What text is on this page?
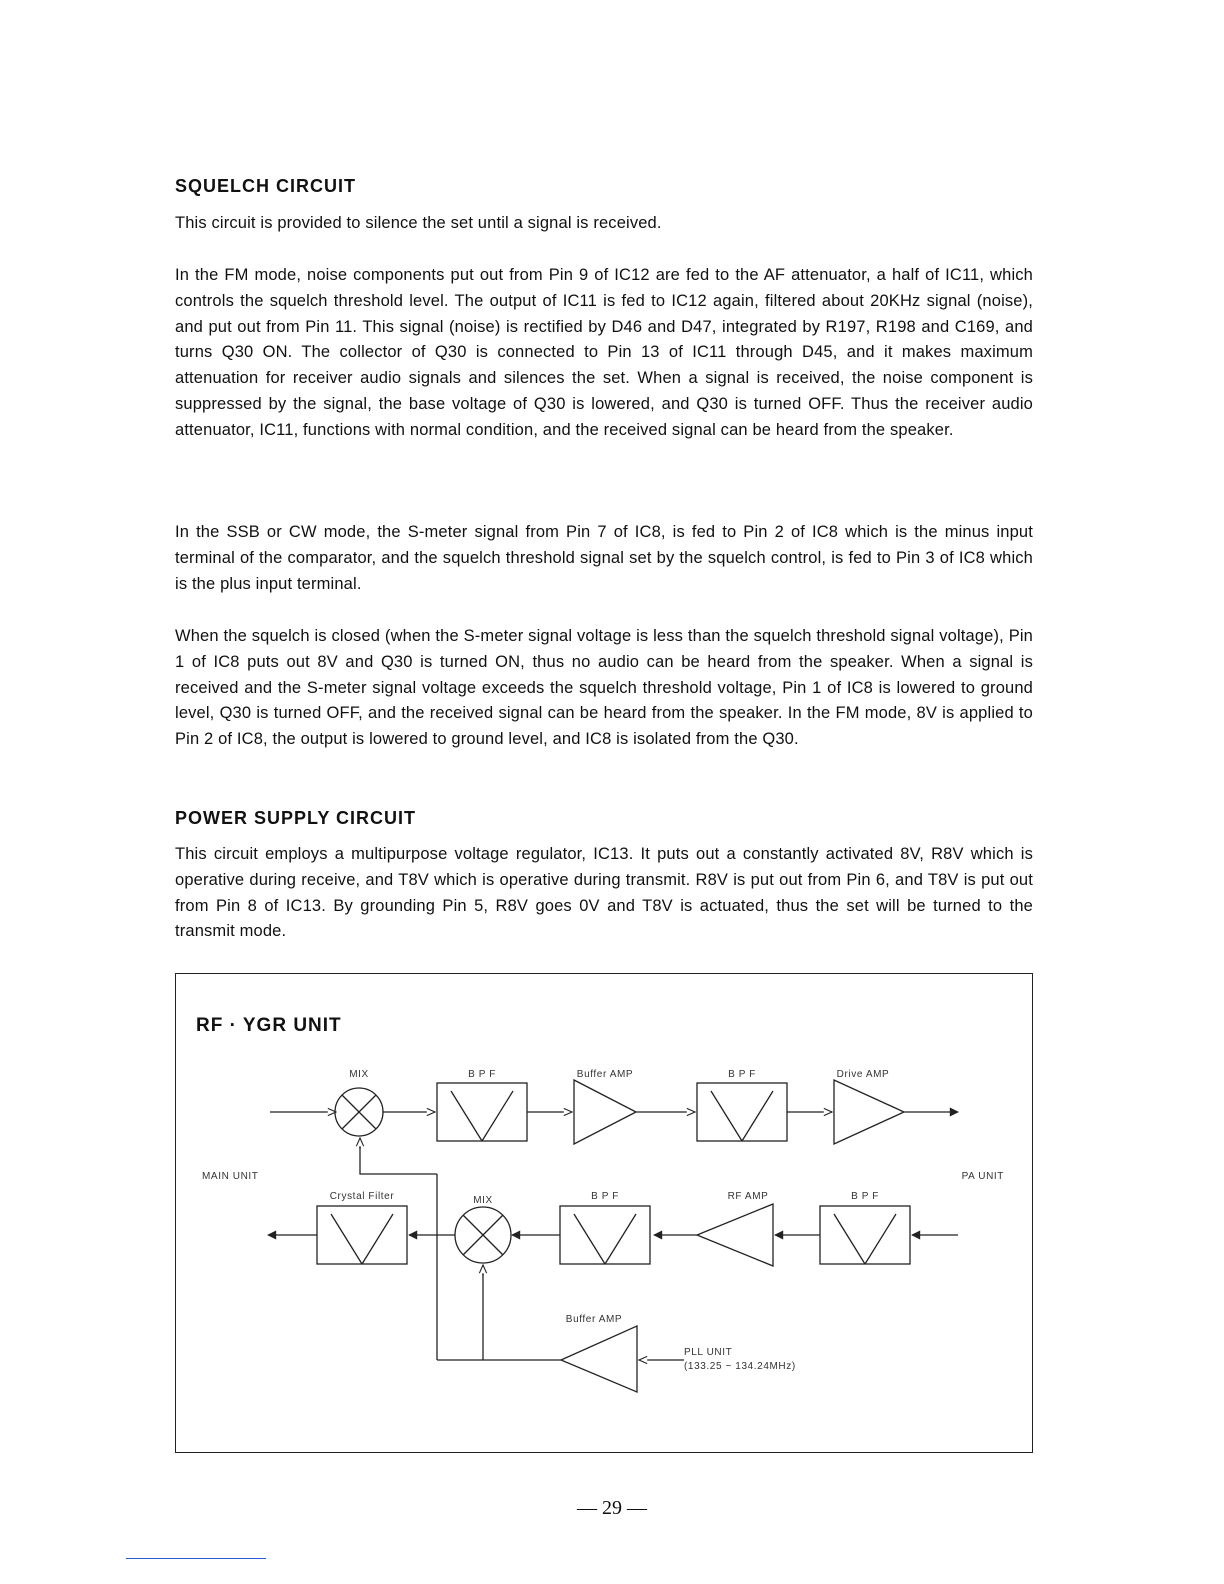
SQUELCH CIRCUIT

This circuit is provided to silence the set until a signal is received.

In the FM mode, noise components put out from Pin 9 of IC12 are fed to the AF attenuator, a half of IC11, which controls the squelch threshold level. The output of IC11 is fed to IC12 again, filtered about 20KHz signal (noise), and put out from Pin 11. This signal (noise) is rectified by D46 and D47, integrated by R197, R198 and C169, and turns Q30 ON. The collector of Q30 is connected to Pin 13 of IC11 through D45, and it makes maximum attenuation for receiver audio signals and silences the set. When a signal is received, the noise component is suppressed by the signal, the base voltage of Q30 is lowered, and Q30 is turned OFF. Thus the receiver audio attenuator, IC11, functions with normal condition, and the received signal can be heard from the speaker.

In the SSB or CW mode, the S-meter signal from Pin 7 of IC8, is fed to Pin 2 of IC8 which is the minus input terminal of the comparator, and the squelch threshold signal set by the squelch control, is fed to Pin 3 of IC8 which is the plus input terminal.

When the squelch is closed (when the S-meter signal voltage is less than the squelch threshold signal voltage), Pin 1 of IC8 puts out 8V and Q30 is turned ON, thus no audio can be heard from the speaker. When a signal is received and the S-meter signal voltage exceeds the squelch threshold voltage, Pin 1 of IC8 is lowered to ground level, Q30 is turned OFF, and the received signal can be heard from the speaker. In the FM mode, 8V is applied to Pin 2 of IC8, the output is lowered to ground level, and IC8 is isolated from the Q30.

POWER SUPPLY CIRCUIT

This circuit employs a multipurpose voltage regulator, IC13. It puts out a constantly activated 8V, R8V which is operative during receive, and T8V which is operative during transmit. R8V is put out from Pin 6, and T8V is put out from Pin 8 of IC13. By grounding Pin 5, R8V goes 0V and T8V is actuated, thus the set will be turned to the transmit mode.

RF · YGR UNIT
MIX	B P F	Buffer AMP	B P F	Drive AMP
MAIN UNIT	PA UNIT
Crystal Filter	MIX	B P F	RF AMP	B P F
Buffer AMP
PLL UNIT
(133.25 ~ 134.24MHz)
— 29 —
